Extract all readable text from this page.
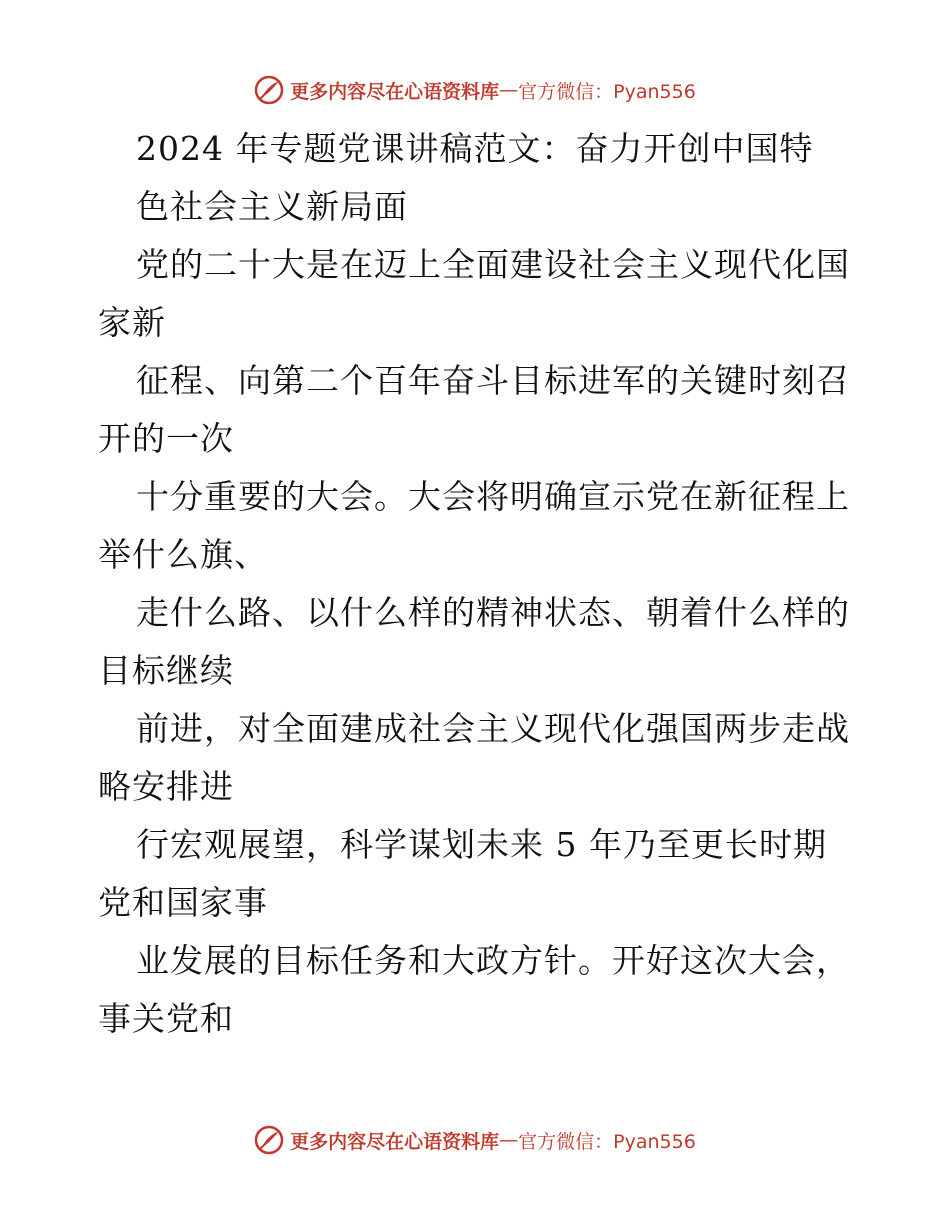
更多内容尽在心语资料库 — 官方微信：Pyan556
2024 年专题党课讲稿范文：奋力开创中国特
色社会主义新局面
党的二十大是在迈上全面建设社会主义现代化国
家新
征程、向第二个百年奋斗目标进军的关键时刻召
开的一次
十分重要的大会。大会将明确宣示党在新征程上
举什么旗、
走什么路、以什么样的精神状态、朝着什么样的
目标继续
前进，对全面建成社会主义现代化强国两步走战
略安排进
行宏观展望，科学谋划未来 5 年乃至更长时期
党和国家事
业发展的目标任务和大政方针。开好这次大会，
事关党和
更多内容尽在心语资料库 — 官方微信：Pyan556
